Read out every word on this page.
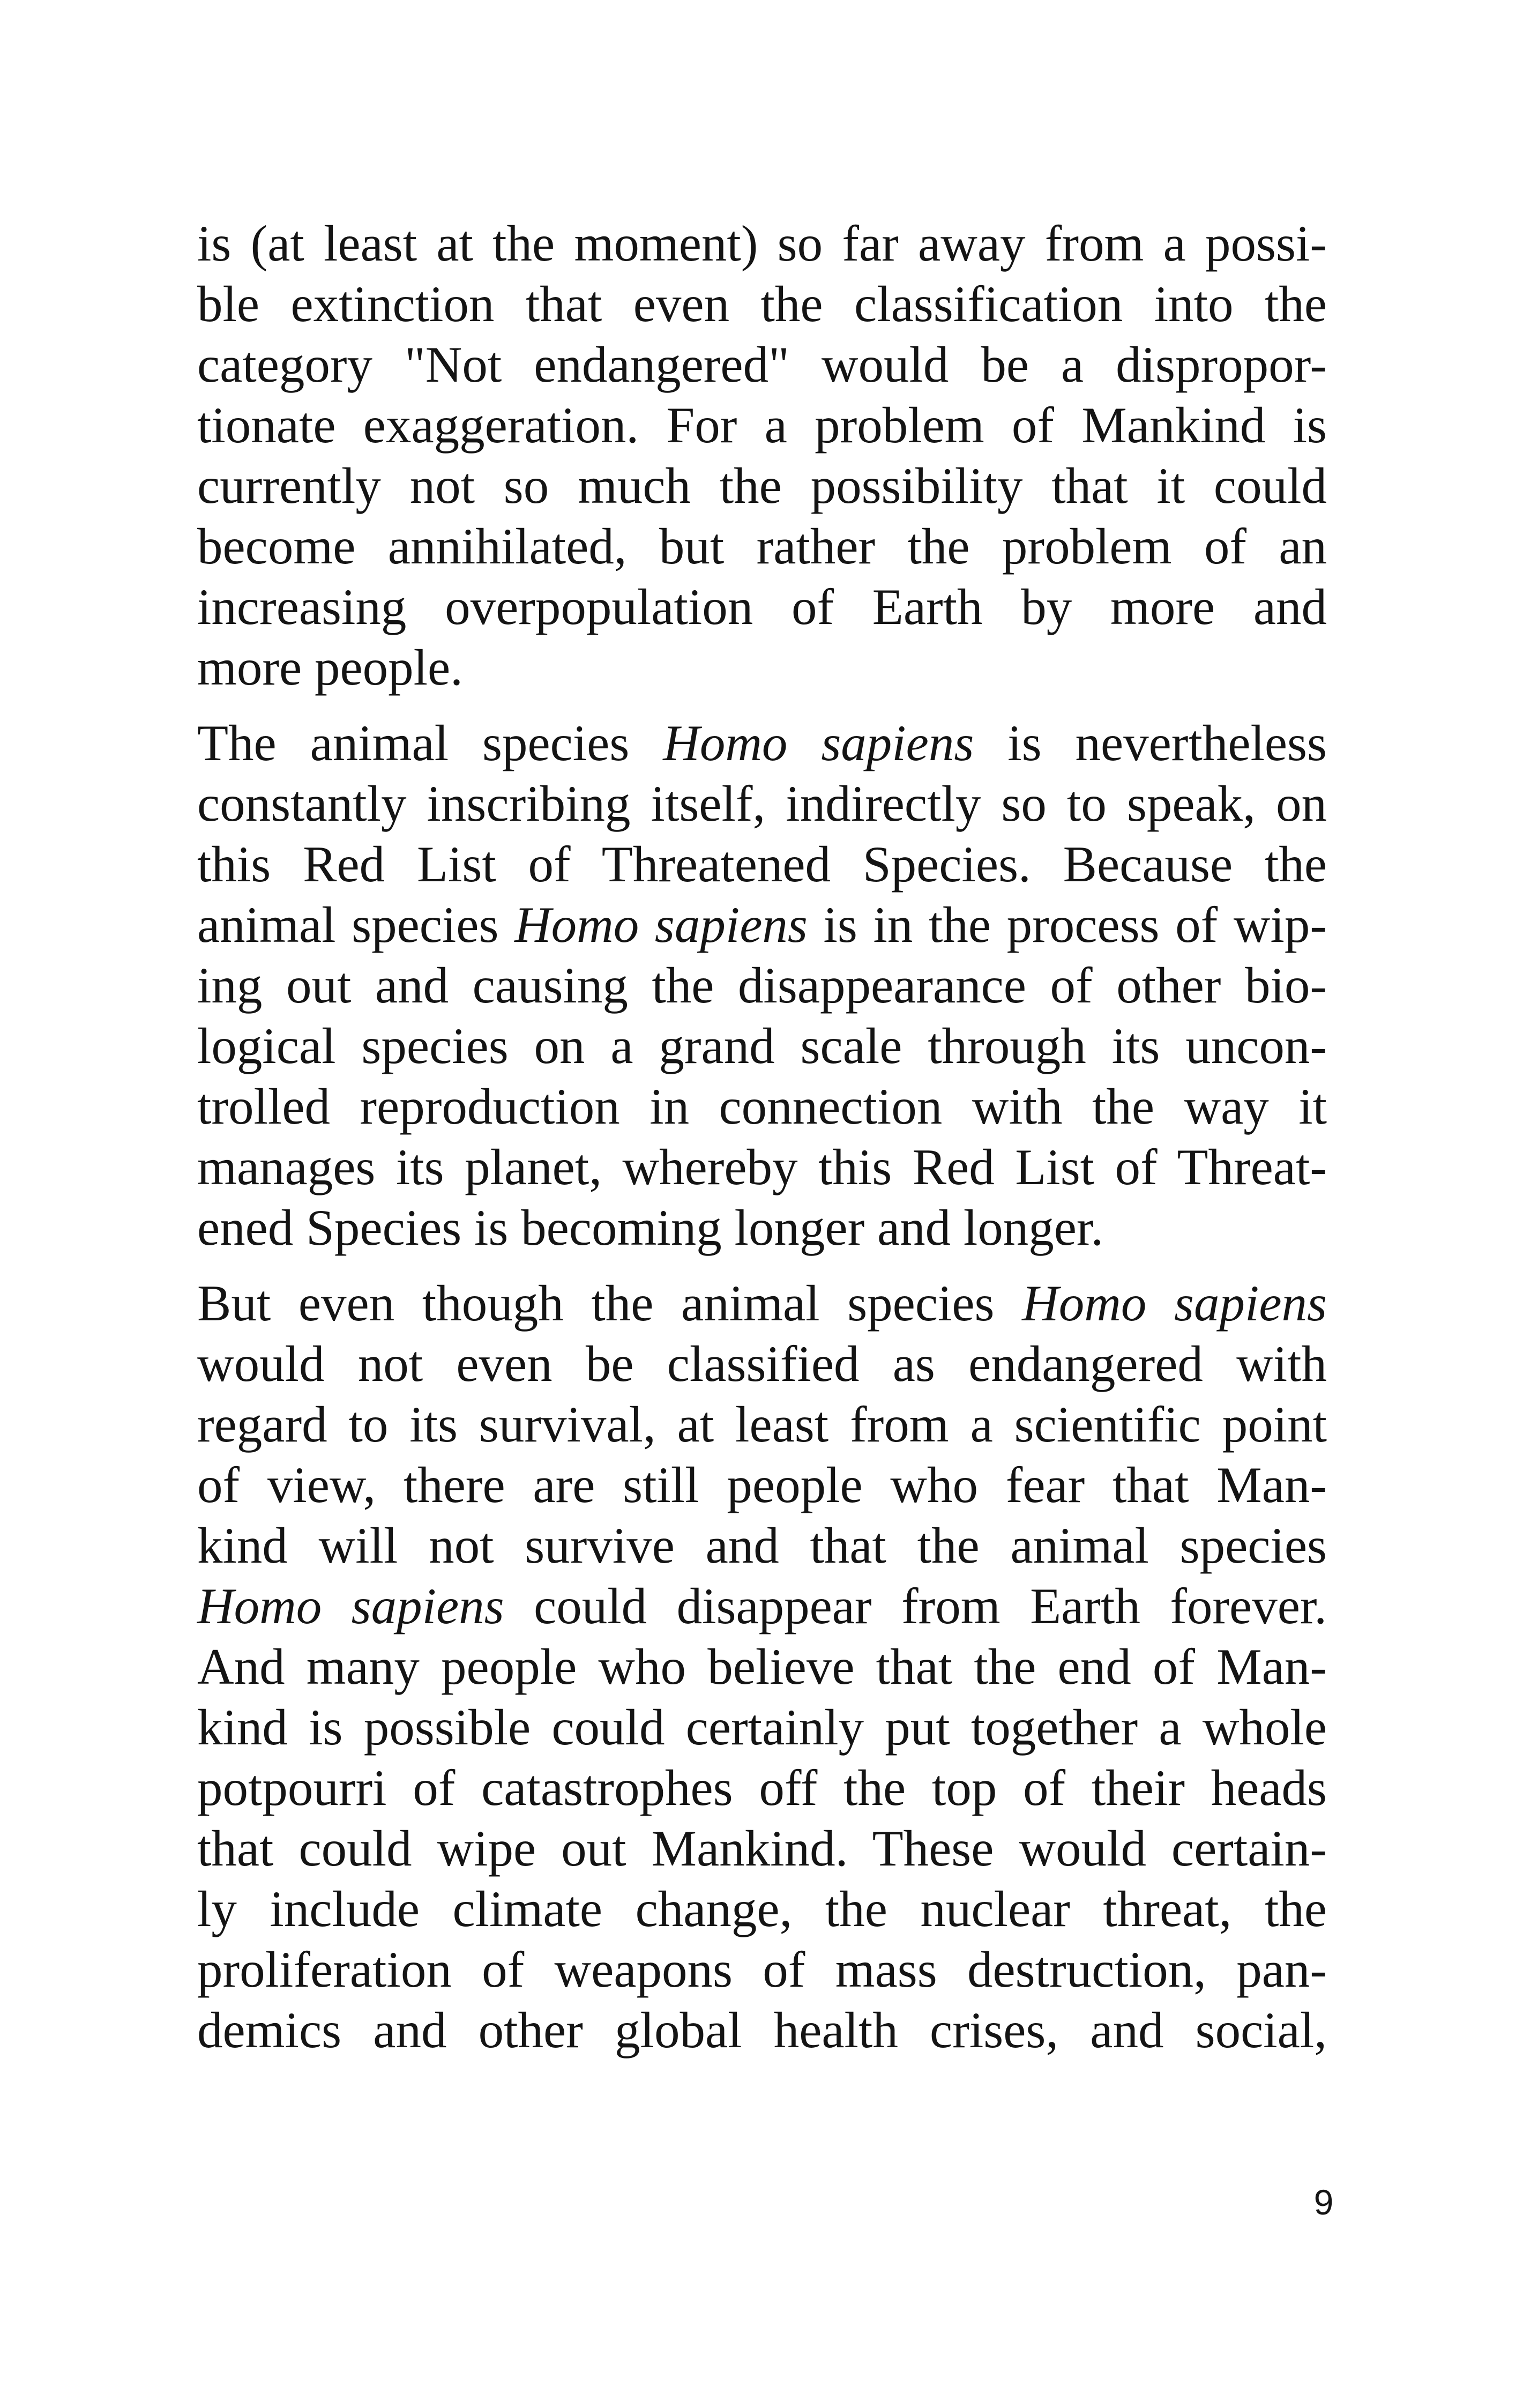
is (at least at the moment) so far away from a possi-
ble extinction that even the classification into the
category "Not endangered" would be a dispropor-
tionate exaggeration. For a problem of Mankind is
currently not so much the possibility that it could
become annihilated, but rather the problem of an
increasing overpopulation of Earth by more and
more people.
The animal species Homo sapiens is nevertheless
constantly inscribing itself, indirectly so to speak, on
this Red List of Threatened Species. Because the
animal species Homo sapiens is in the process of wip-
ing out and causing the disappearance of other bio-
logical species on a grand scale through its uncon-
trolled reproduction in connection with the way it
manages its planet, whereby this Red List of Threat-
ened Species is becoming longer and longer.
But even though the animal species Homo sapiens
would not even be classified as endangered with
regard to its survival, at least from a scientific point
of view, there are still people who fear that Man-
kind will not survive and that the animal species
Homo sapiens could disappear from Earth forever.
And many people who believe that the end of Man-
kind is possible could certainly put together a whole
potpourri of catastrophes off the top of their heads
that could wipe out Mankind. These would certain-
ly include climate change, the nuclear threat, the
proliferation of weapons of mass destruction, pan-
demics and other global health crises, and social,
9
